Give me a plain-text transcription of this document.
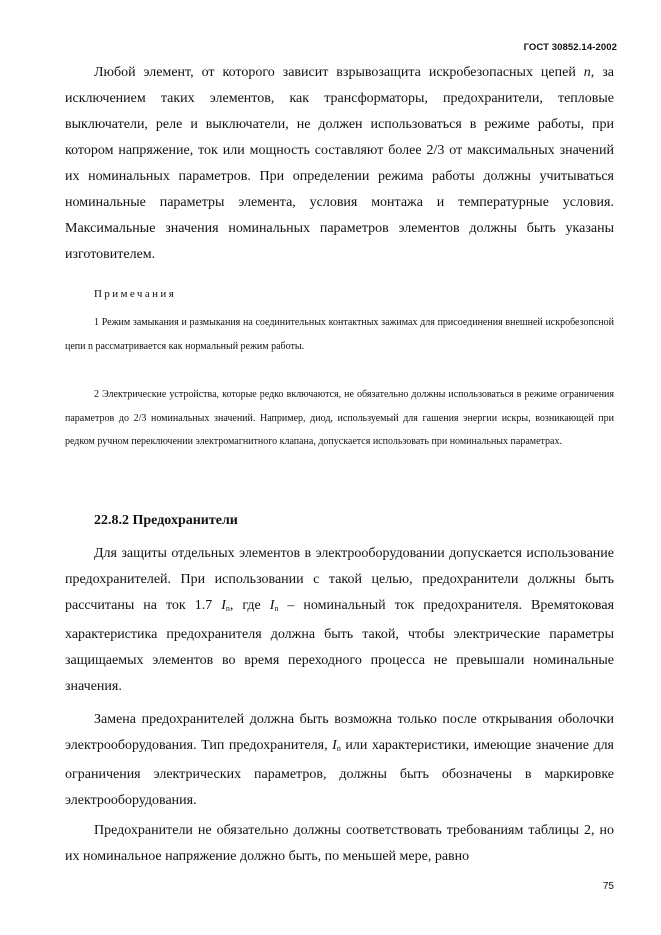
ГОСТ 30852.14-2002

Любой элемент, от которого зависит взрывозащита искробезопасных цепей n, за исключением таких элементов, как трансформаторы, предохранители, тепловые выключатели, реле и выключатели, не должен использоваться в режиме работы, при котором напряжение, ток или мощность составляют более 2/3 от максимальных значений их номинальных параметров. При определении режима работы должны учитываться номинальные параметры элемента, условия монтажа и температурные условия. Максимальные значения номинальных параметров элементов должны быть указаны изготовителем.

Примечания

1 Режим замыкания и размыкания на соединительных контактных зажимах для присоединения внешней искробезопсной цепи n рассматривается как нормальный режим работы.

2 Электрические устройства, которые редко включаются, не обязательно должны использоваться в режиме ограничения параметров до 2/3 номинальных значений. Например, диод, используемый для гашения энергии искры, возникающей при редком ручном переключении электромагнитного клапана, допускается использовать при номинальных параметрах.

22.8.2 Предохранители

Для защиты отдельных элементов в электрооборудовании допускается использование предохранителей. При использовании с такой целью, предохранители должны быть рассчитаны на ток 1.7 $I_n$, где $I_n$ – номинальный ток предохранителя. Времятоковая характеристика предохранителя должна быть такой, чтобы электрические параметры защищаемых элементов во время переходного процесса не превышали номинальные значения.

Замена предохранителей должна быть возможна только после открывания оболочки электрооборудования. Тип предохранителя, $I_n$ или характеристики, имеющие значение для ограничения электрических параметров, должны быть обозначены в маркировке электрооборудования.

Предохранители не обязательно должны соответствовать требованиям таблицы 2, но их номинальное напряжение должно быть, по меньшей мере, равно

75
